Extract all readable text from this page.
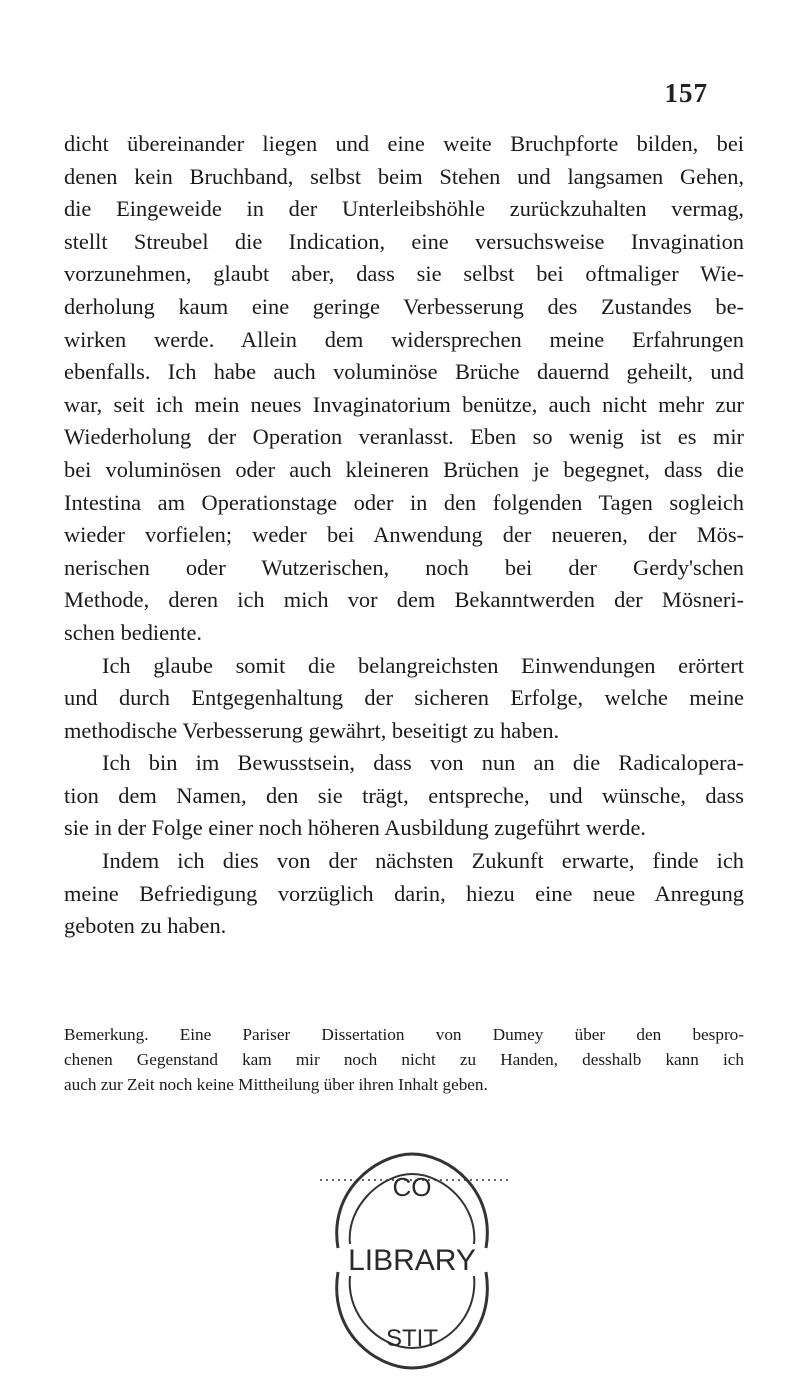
157
dicht übereinander liegen und eine weite Bruchpforte bilden, bei
denen kein Bruchband, selbst beim Stehen und langsamen Gehen,
die Eingeweide in der Unterleibshöhle zurückzuhalten vermag,
stellt Streubel die Indication, eine versuchsweise Invagination
vorzunehmen, glaubt aber, dass sie selbst bei oftmaliger Wie-
derholung kaum eine geringe Verbesserung des Zustandes be-
wirken werde. Allein dem widersprechen meine Erfahrungen
ebenfalls. Ich habe auch voluminöse Brüche dauernd geheilt, und
war, seit ich mein neues Invaginatorium benütze, auch nicht mehr zur
Wiederholung der Operation veranlasst. Eben so wenig ist es mir
bei voluminösen oder auch kleineren Brüchen je begegnet, dass die
Intestina am Operationstage oder in den folgenden Tagen sogleich
wieder vorfielen; weder bei Anwendung der neueren, der Mös-
nerischen oder Wutzerischen, noch bei der Gerdy'schen
Methode, deren ich mich vor dem Bekanntwerden der Mösneri-
schen bediente.
Ich glaube somit die belangreichsten Einwendungen erörtert
und durch Entgegenhaltung der sicheren Erfolge, welche meine
methodische Verbesserung gewährt, beseitigt zu haben.
Ich bin im Bewusstsein, dass von nun an die Radicalopera-
tion dem Namen, den sie trägt, entspreche, und wünsche, dass
sie in der Folge einer noch höheren Ausbildung zugeführt werde.
Indem ich dies von der nächsten Zukunft erwarte, finde ich
meine Befriedigung vorzüglich darin, hiezu eine neue Anregung
geboten zu haben.
Bemerkung. Eine Pariser Dissertation von Dumey über den bespro-
chenen Gegenstand kam mir noch nicht zu Handen, desshalb kann ich
auch zur Zeit noch keine Mittheilung über ihren Inhalt geben.
CO
LIBRARY
STIT
